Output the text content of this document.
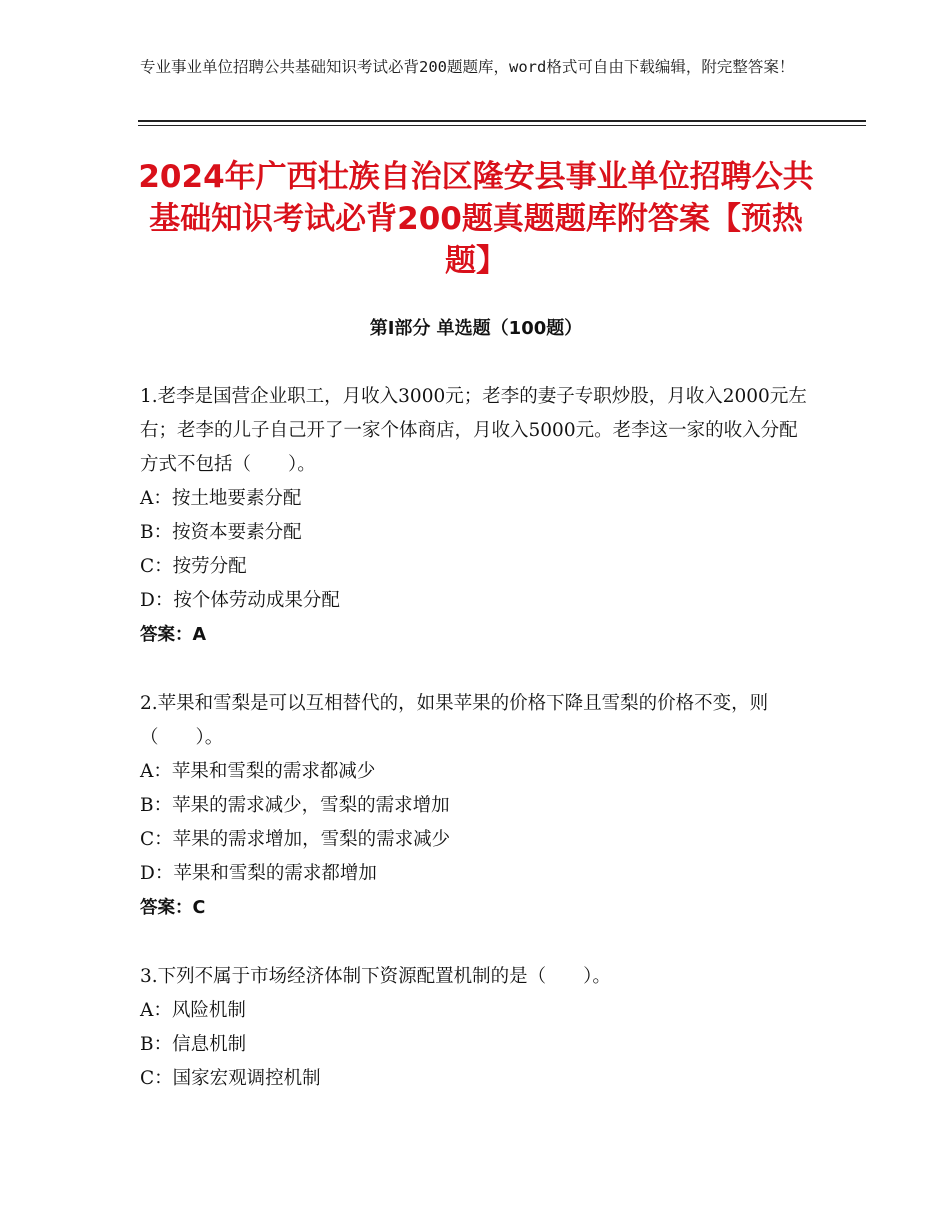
专业事业单位招聘公共基础知识考试必背200题题库，word格式可自由下载编辑，附完整答案！
2024年广西壮族自治区隆安县事业单位招聘公共基础知识考试必背200题真题题库附答案【预热题】
第Ⅰ部分 单选题（100题）

1.老李是国营企业职工，月收入3000元；老李的妻子专职炒股，月收入2000元左右；老李的儿子自己开了一家个体商店，月收入5000元。老李这一家的收入分配方式不包括（　　）。

A：按土地要素分配

B：按资本要素分配

C：按劳分配

D：按个体劳动成果分配

答案：A

2.苹果和雪梨是可以互相替代的，如果苹果的价格下降且雪梨的价格不变，则（　　）。

A：苹果和雪梨的需求都减少

B：苹果的需求减少，雪梨的需求增加

C：苹果的需求增加，雪梨的需求减少

D：苹果和雪梨的需求都增加

答案：C

3.下列不属于市场经济体制下资源配置机制的是（　　）。

A：风险机制

B：信息机制

C：国家宏观调控机制
